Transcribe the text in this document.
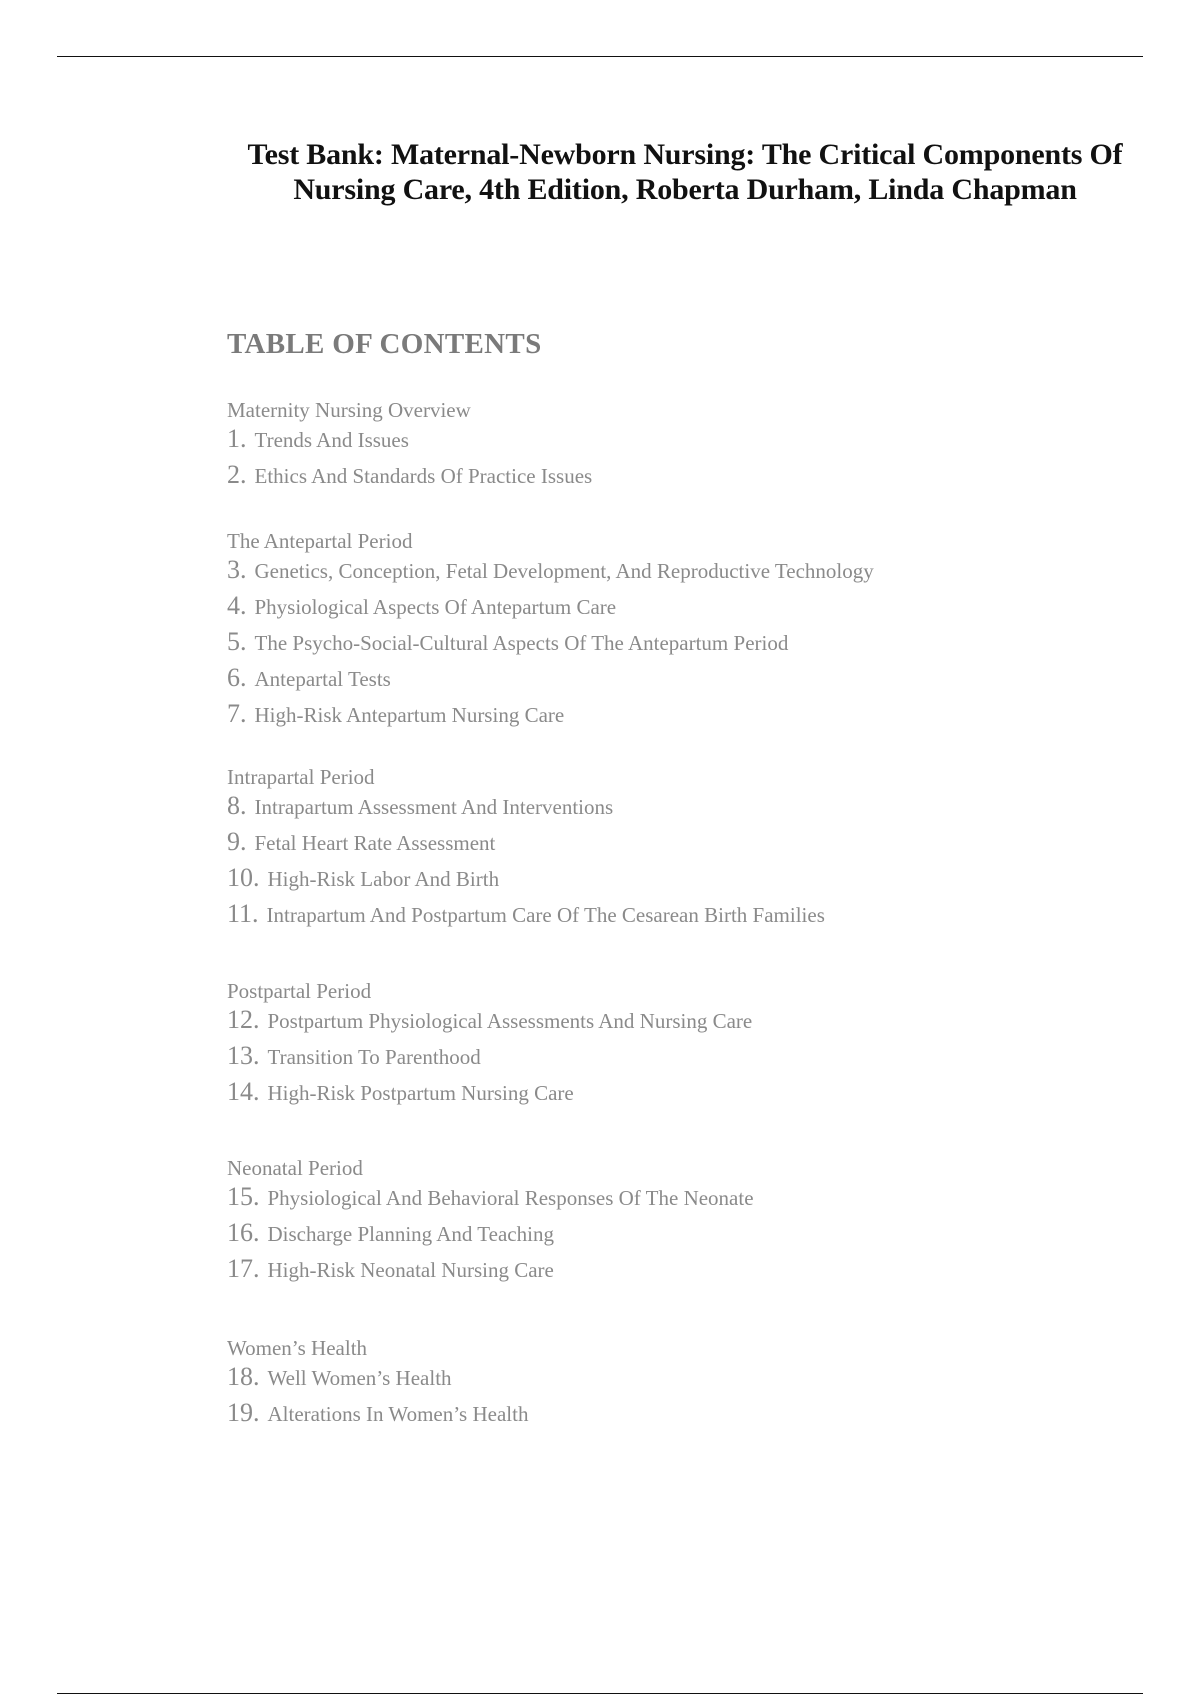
Test Bank: Maternal-Newborn Nursing: The Critical Components Of
Nursing Care, 4th Edition, Roberta Durham, Linda Chapman
TABLE OF CONTENTS
Maternity Nursing Overview
1. Trends And Issues
2. Ethics And Standards Of Practice Issues
The Antepartal Period
3. Genetics, Conception, Fetal Development, And Reproductive Technology
4. Physiological Aspects Of Antepartum Care
5. The Psycho-Social-Cultural Aspects Of The Antepartum Period
6. Antepartal Tests
7. High-Risk Antepartum Nursing Care
Intrapartal Period
8. Intrapartum Assessment And Interventions
9. Fetal Heart Rate Assessment
10. High-Risk Labor And Birth
11. Intrapartum And Postpartum Care Of The Cesarean Birth Families
Postpartal Period
12. Postpartum Physiological Assessments And Nursing Care
13. Transition To Parenthood
14. High-Risk Postpartum Nursing Care
Neonatal Period
15. Physiological And Behavioral Responses Of The Neonate
16. Discharge Planning And Teaching
17. High-Risk Neonatal Nursing Care
Women’s Health
18. Well Women’s Health
19. Alterations In Women’s Health
